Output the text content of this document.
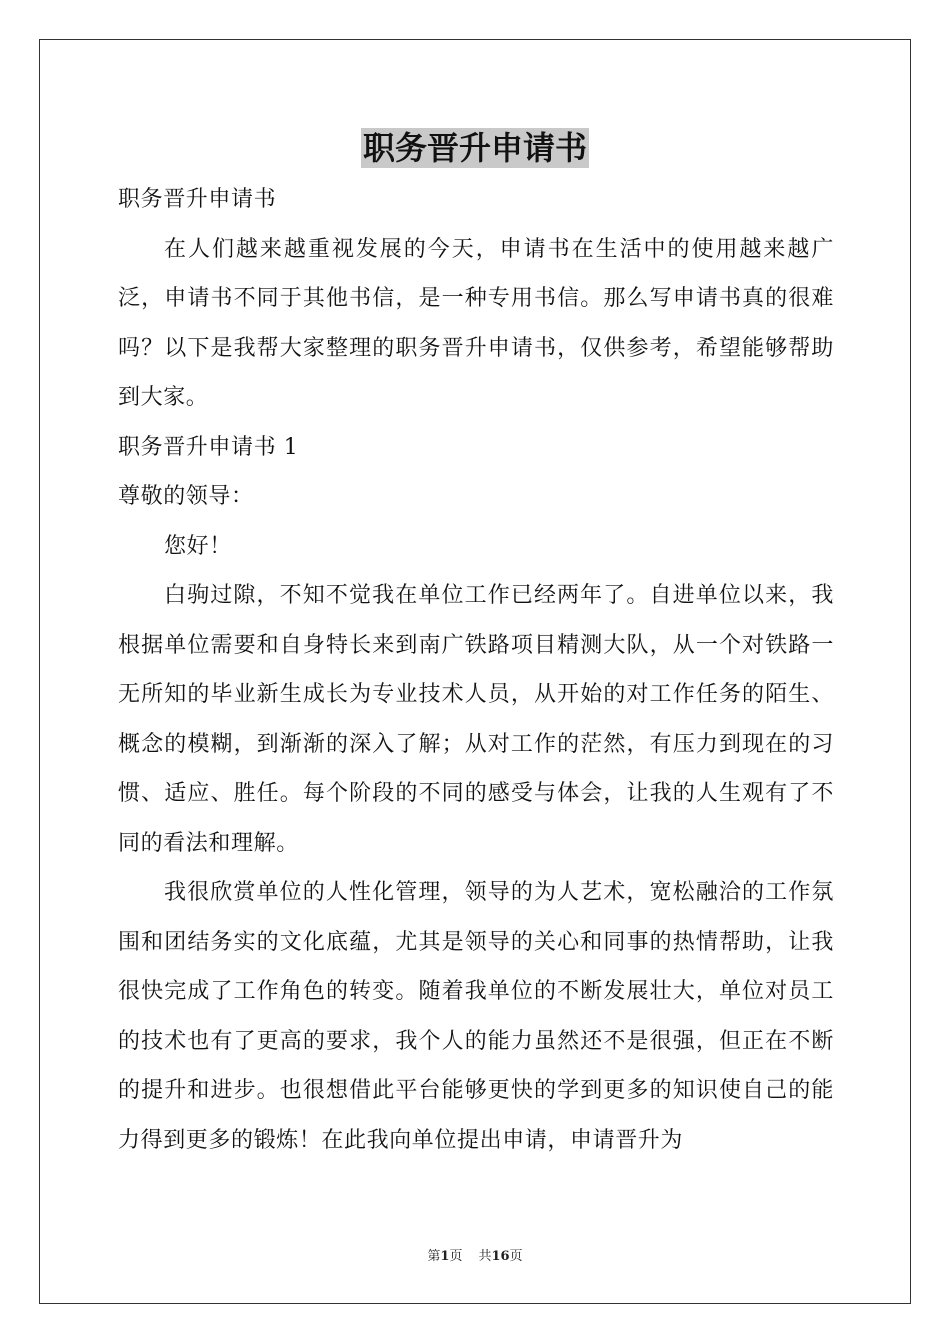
职务晋升申请书

职务晋升申请书

在人们越来越重视发展的今天，申请书在生活中的使用越来越广泛，申请书不同于其他书信，是一种专用书信。那么写申请书真的很难吗？以下是我帮大家整理的职务晋升申请书，仅供参考，希望能够帮助到大家。

职务晋升申请书 1

尊敬的领导：

您好！

白驹过隙，不知不觉我在单位工作已经两年了。自进单位以来，我根据单位需要和自身特长来到南广铁路项目精测大队，从一个对铁路一无所知的毕业新生成长为专业技术人员，从开始的对工作任务的陌生、概念的模糊，到渐渐的深入了解；从对工作的茫然，有压力到现在的习惯、适应、胜任。每个阶段的不同的感受与体会，让我的人生观有了不同的看法和理解。

我很欣赏单位的人性化管理，领导的为人艺术，宽松融洽的工作氛围和团结务实的文化底蕴，尤其是领导的关心和同事的热情帮助，让我很快完成了工作角色的转变。随着我单位的不断发展壮大，单位对员工的技术也有了更高的要求，我个人的能力虽然还不是很强，但正在不断的提升和进步。也很想借此平台能够更快的学到更多的知识使自己的能力得到更多的锻炼！在此我向单位提出申请，申请晋升为

第1页 共16页
